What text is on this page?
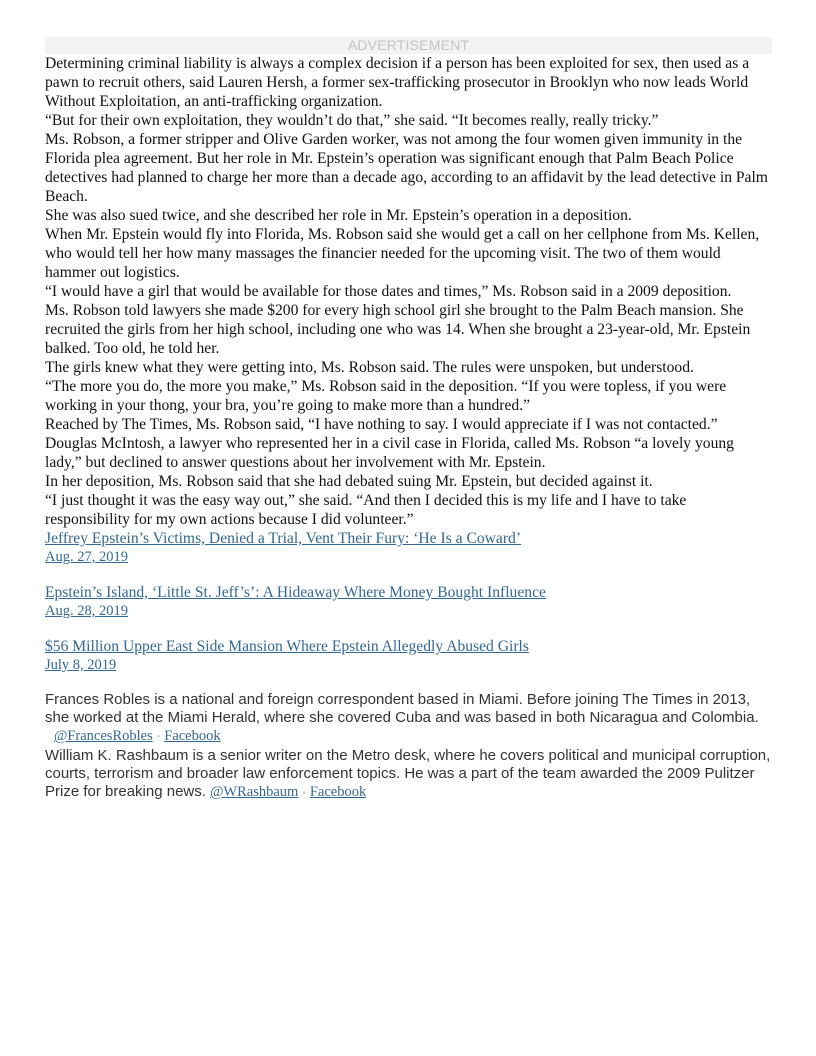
ADVERTISEMENT

Determining criminal liability is always a complex decision if a person has been exploited for sex, then used as a pawn to recruit others, said Lauren Hersh, a former sex-trafficking prosecutor in Brooklyn who now leads World Without Exploitation, an anti-trafficking organization.

“But for their own exploitation, they wouldn’t do that,” she said. “It becomes really, really tricky.”

Ms. Robson, a former stripper and Olive Garden worker, was not among the four women given immunity in the Florida plea agreement. But her role in Mr. Epstein’s operation was significant enough that Palm Beach Police detectives had planned to charge her more than a decade ago, according to an affidavit by the lead detective in Palm Beach.

She was also sued twice, and she described her role in Mr. Epstein’s operation in a deposition.

When Mr. Epstein would fly into Florida, Ms. Robson said she would get a call on her cellphone from Ms. Kellen, who would tell her how many massages the financier needed for the upcoming visit. The two of them would hammer out logistics.

“I would have a girl that would be available for those dates and times,” Ms. Robson said in a 2009 deposition.

Ms. Robson told lawyers she made $200 for every high school girl she brought to the Palm Beach mansion. She recruited the girls from her high school, including one who was 14. When she brought a 23-year-old, Mr. Epstein balked. Too old, he told her.

The girls knew what they were getting into, Ms. Robson said. The rules were unspoken, but understood.

“The more you do, the more you make,” Ms. Robson said in the deposition. “If you were topless, if you were working in your thong, your bra, you’re going to make more than a hundred.”

Reached by The Times, Ms. Robson said, “I have nothing to say. I would appreciate if I was not contacted.”

Douglas McIntosh, a lawyer who represented her in a civil case in Florida, called Ms. Robson “a lovely young lady,” but declined to answer questions about her involvement with Mr. Epstein.

In her deposition, Ms. Robson said that she had debated suing Mr. Epstein, but decided against it.

“I just thought it was the easy way out,” she said. “And then I decided this is my life and I have to take responsibility for my own actions because I did volunteer.”

Jeffrey Epstein’s Victims, Denied a Trial, Vent Their Fury: ‘He Is a Coward’
Aug. 27, 2019
Epstein’s Island, ‘Little St. Jeff’s’: A Hideaway Where Money Bought Influence
Aug. 28, 2019
$56 Million Upper East Side Mansion Where Epstein Allegedly Abused Girls
July 8, 2019

Frances Robles is a national and foreign correspondent based in Miami. Before joining The Times in 2013, she worked at the Miami Herald, where she covered Cuba and was based in both Nicaragua and Colombia.

@FrancesRobles • Facebook

William K. Rashbaum is a senior writer on the Metro desk, where he covers political and municipal corruption, courts, terrorism and broader law enforcement topics. He was a part of the team awarded the 2009 Pulitzer Prize for breaking news. @WRashbaum • Facebook
